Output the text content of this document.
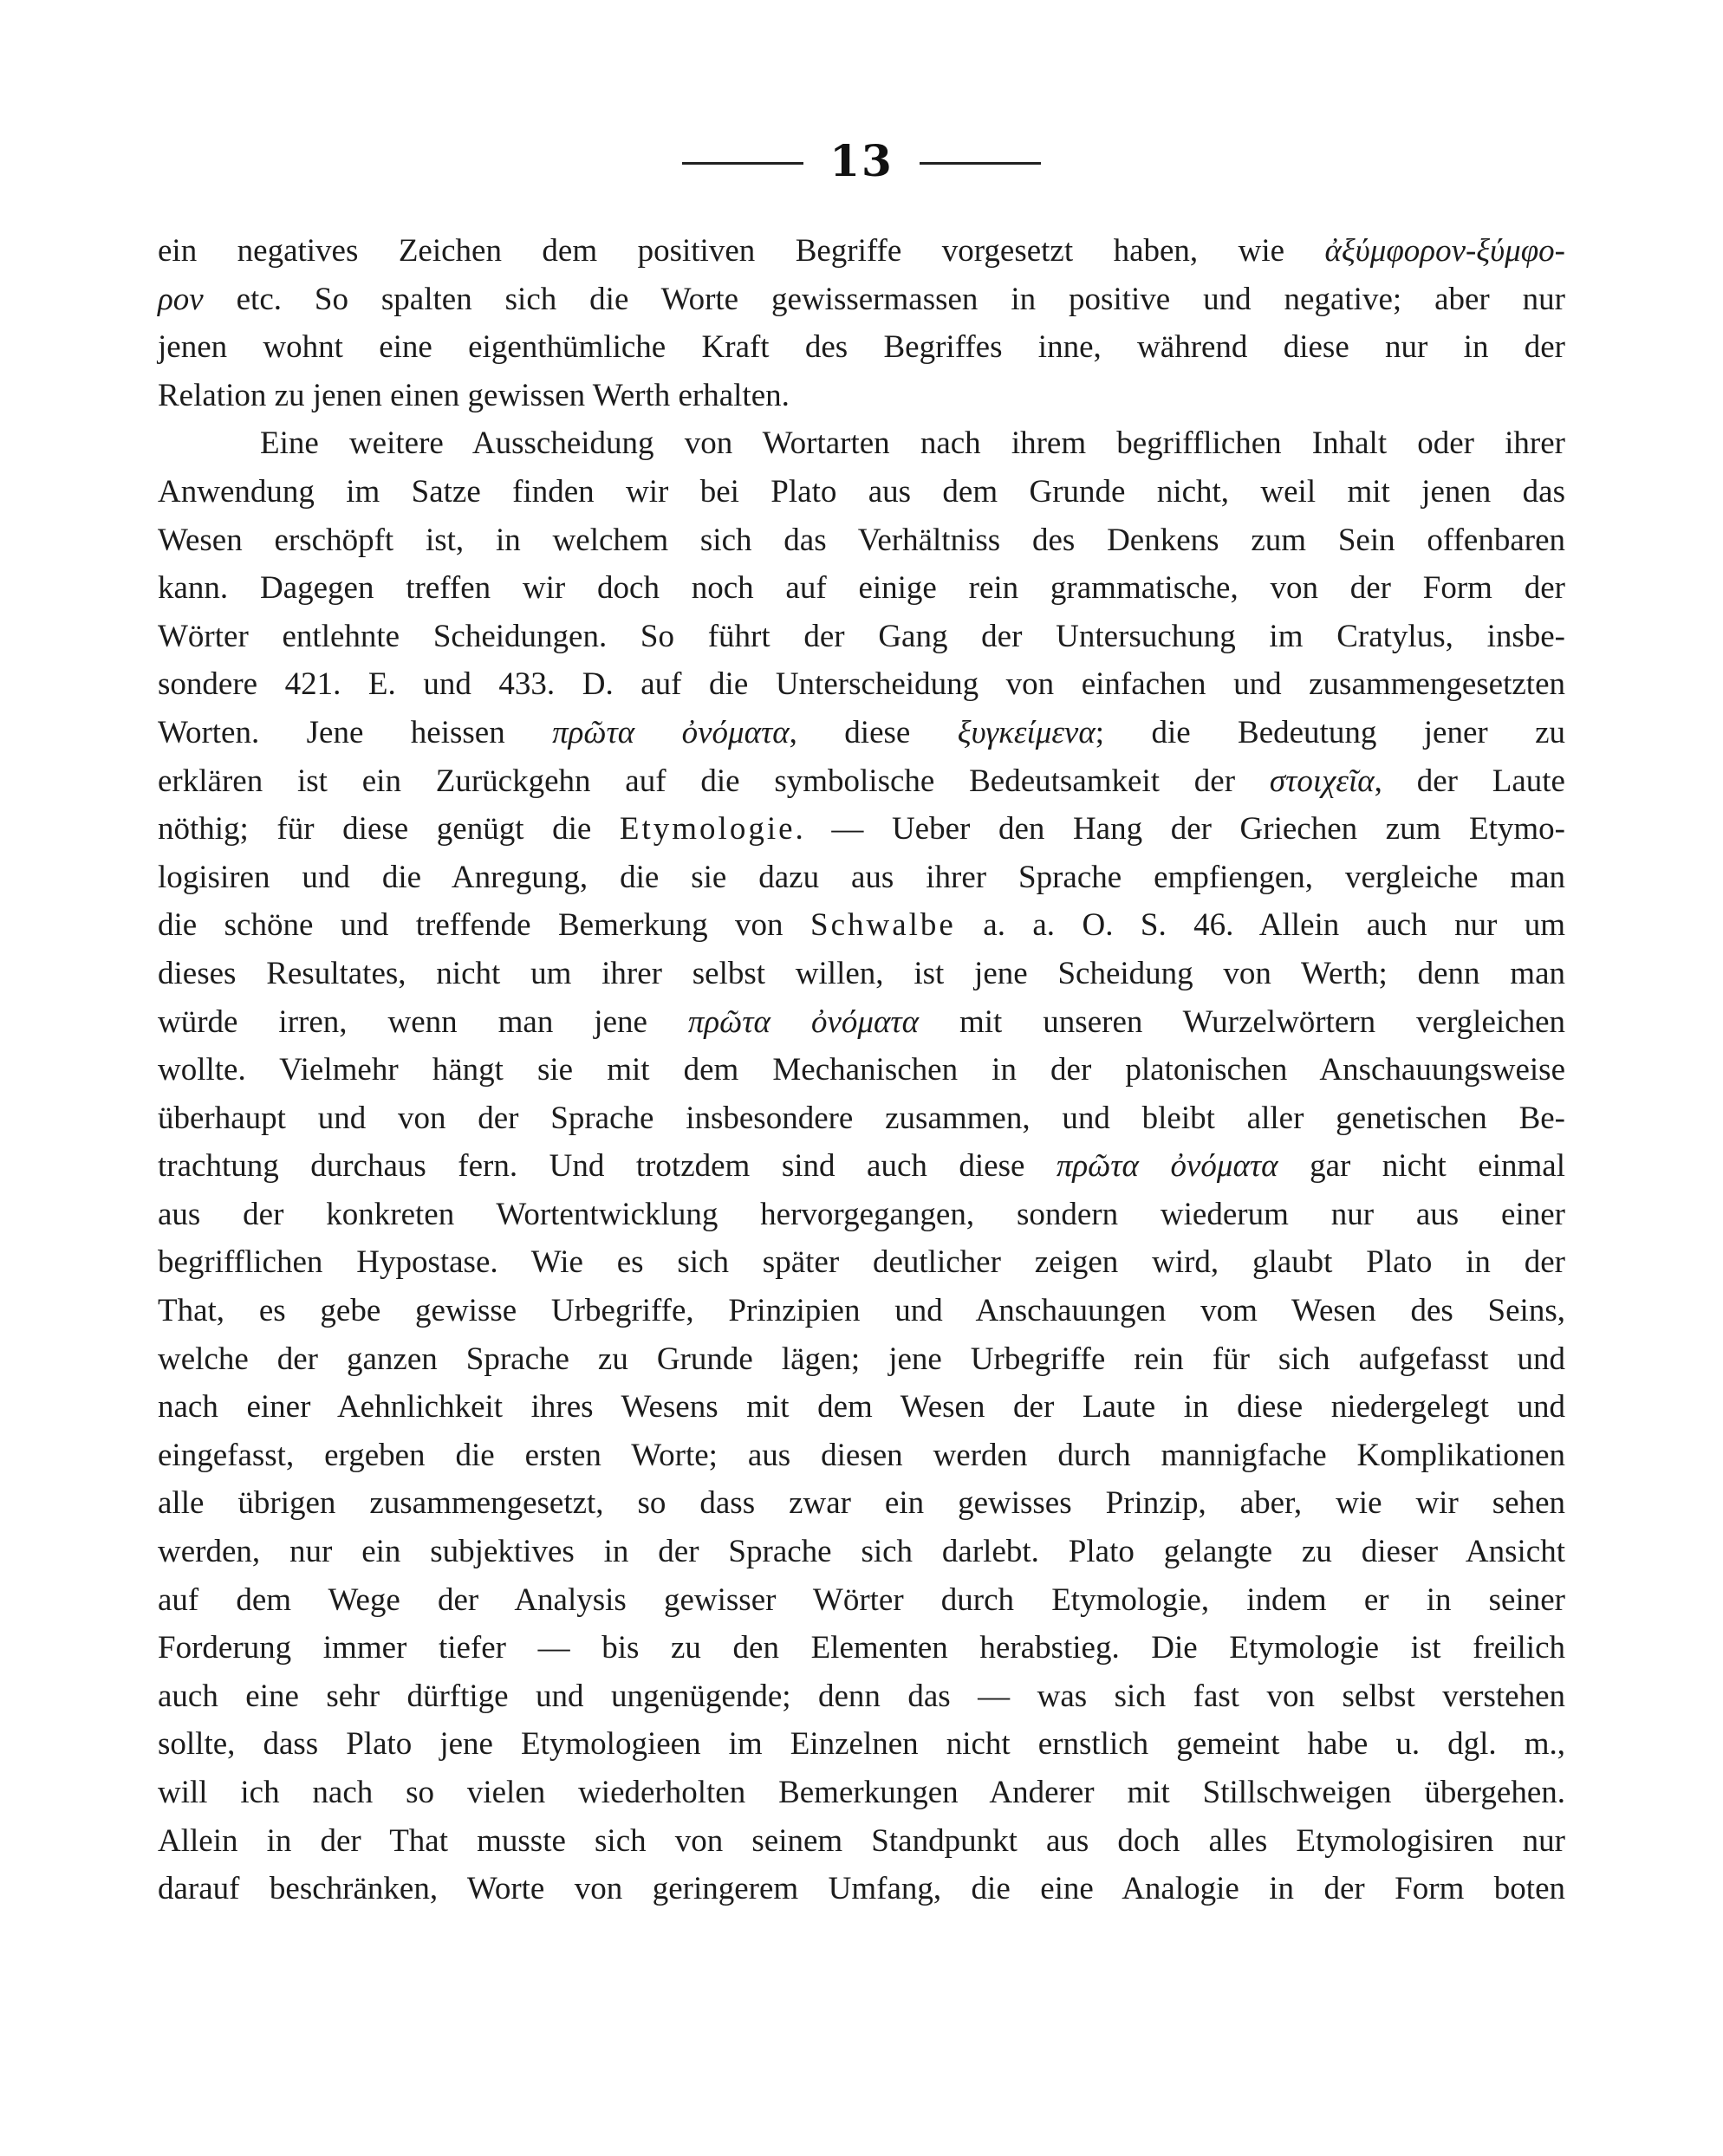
13
ein negatives Zeichen dem positiven Begriffe vorgesetzt haben, wie ἀξύμφορον-ξύμφο-
ρον etc. So spalten sich die Worte gewissermassen in positive und negative; aber nur
jenen wohnt eine eigenthümliche Kraft des Begriffes inne, während diese nur in der
Relation zu jenen einen gewissen Werth erhalten.
Eine weitere Ausscheidung von Wortarten nach ihrem begrifflichen Inhalt oder ihrer
Anwendung im Satze finden wir bei Plato aus dem Grunde nicht, weil mit jenen das
Wesen erschöpft ist, in welchem sich das Verhältniss des Denkens zum Sein offenbaren
kann. Dagegen treffen wir doch noch auf einige rein grammatische, von der Form der
Wörter entlehnte Scheidungen. So führt der Gang der Untersuchung im Cratylus, insbe-
sondere 421. E. und 433. D. auf die Unterscheidung von einfachen und zusammengesetzten
Worten. Jene heissen πρῶτα ὀνόματα, diese ξυγκείμενα; die Bedeutung jener zu
erklären ist ein Zurückgehn auf die symbolische Bedeutsamkeit der στοιχεῖα, der Laute
nöthig; für diese genügt die Etymologie. — Ueber den Hang der Griechen zum Etymo-
logisiren und die Anregung, die sie dazu aus ihrer Sprache empfiengen, vergleiche man
die schöne und treffende Bemerkung von Schwalbe a. a. O. S. 46. Allein auch nur um
dieses Resultates, nicht um ihrer selbst willen, ist jene Scheidung von Werth; denn man
würde irren, wenn man jene πρῶτα ὀνόματα mit unseren Wurzelwörtern vergleichen
wollte. Vielmehr hängt sie mit dem Mechanischen in der platonischen Anschauungsweise
überhaupt und von der Sprache insbesondere zusammen, und bleibt aller genetischen Be-
trachtung durchaus fern. Und trotzdem sind auch diese πρῶτα ὀνόματα gar nicht einmal
aus der konkreten Wortentwicklung hervorgegangen, sondern wiederum nur aus einer
begrifflichen Hypostase. Wie es sich später deutlicher zeigen wird, glaubt Plato in der
That, es gebe gewisse Urbegriffe, Prinzipien und Anschauungen vom Wesen des Seins,
welche der ganzen Sprache zu Grunde lägen; jene Urbegriffe rein für sich aufgefasst und
nach einer Aehnlichkeit ihres Wesens mit dem Wesen der Laute in diese niedergelegt und
eingefasst, ergeben die ersten Worte; aus diesen werden durch mannigfache Komplikationen
alle übrigen zusammengesetzt, so dass zwar ein gewisses Prinzip, aber, wie wir sehen
werden, nur ein subjektives in der Sprache sich darlebt. Plato gelangte zu dieser Ansicht
auf dem Wege der Analysis gewisser Wörter durch Etymologie, indem er in seiner
Forderung immer tiefer — bis zu den Elementen herabstieg. Die Etymologie ist freilich
auch eine sehr dürftige und ungenügende; denn das — was sich fast von selbst verstehen
sollte, dass Plato jene Etymologieen im Einzelnen nicht ernstlich gemeint habe u. dgl. m.,
will ich nach so vielen wiederholten Bemerkungen Anderer mit Stillschweigen übergehen.
Allein in der That musste sich von seinem Standpunkt aus doch alles Etymologisiren nur
darauf beschränken, Worte von geringerem Umfang, die eine Analogie in der Form boten
